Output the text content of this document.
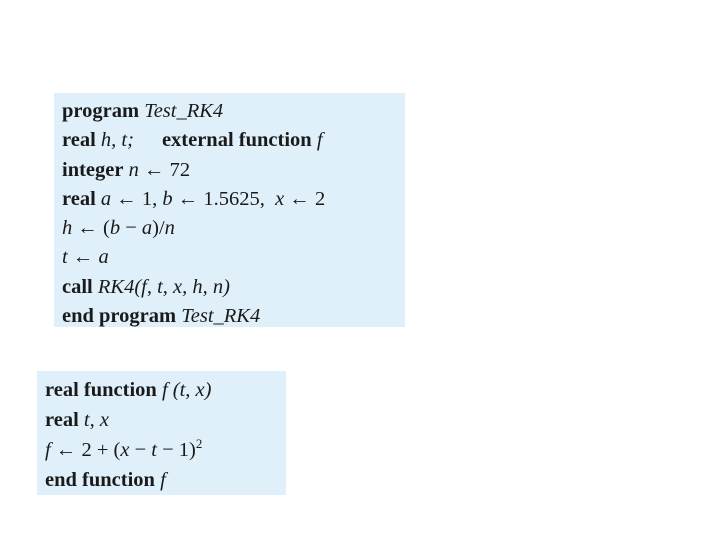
program Test_RK4
real h, t; external function f
integer n ← 72
real a ← 1, b ← 1.5625,  x ← 2
h ← (b − a)/n
t ← a
call RK4(f, t, x, h, n)
end program Test_RK4
real function f (t, x)
real t, x
f ← $2 + (x - t - 1)^2$
end function f
